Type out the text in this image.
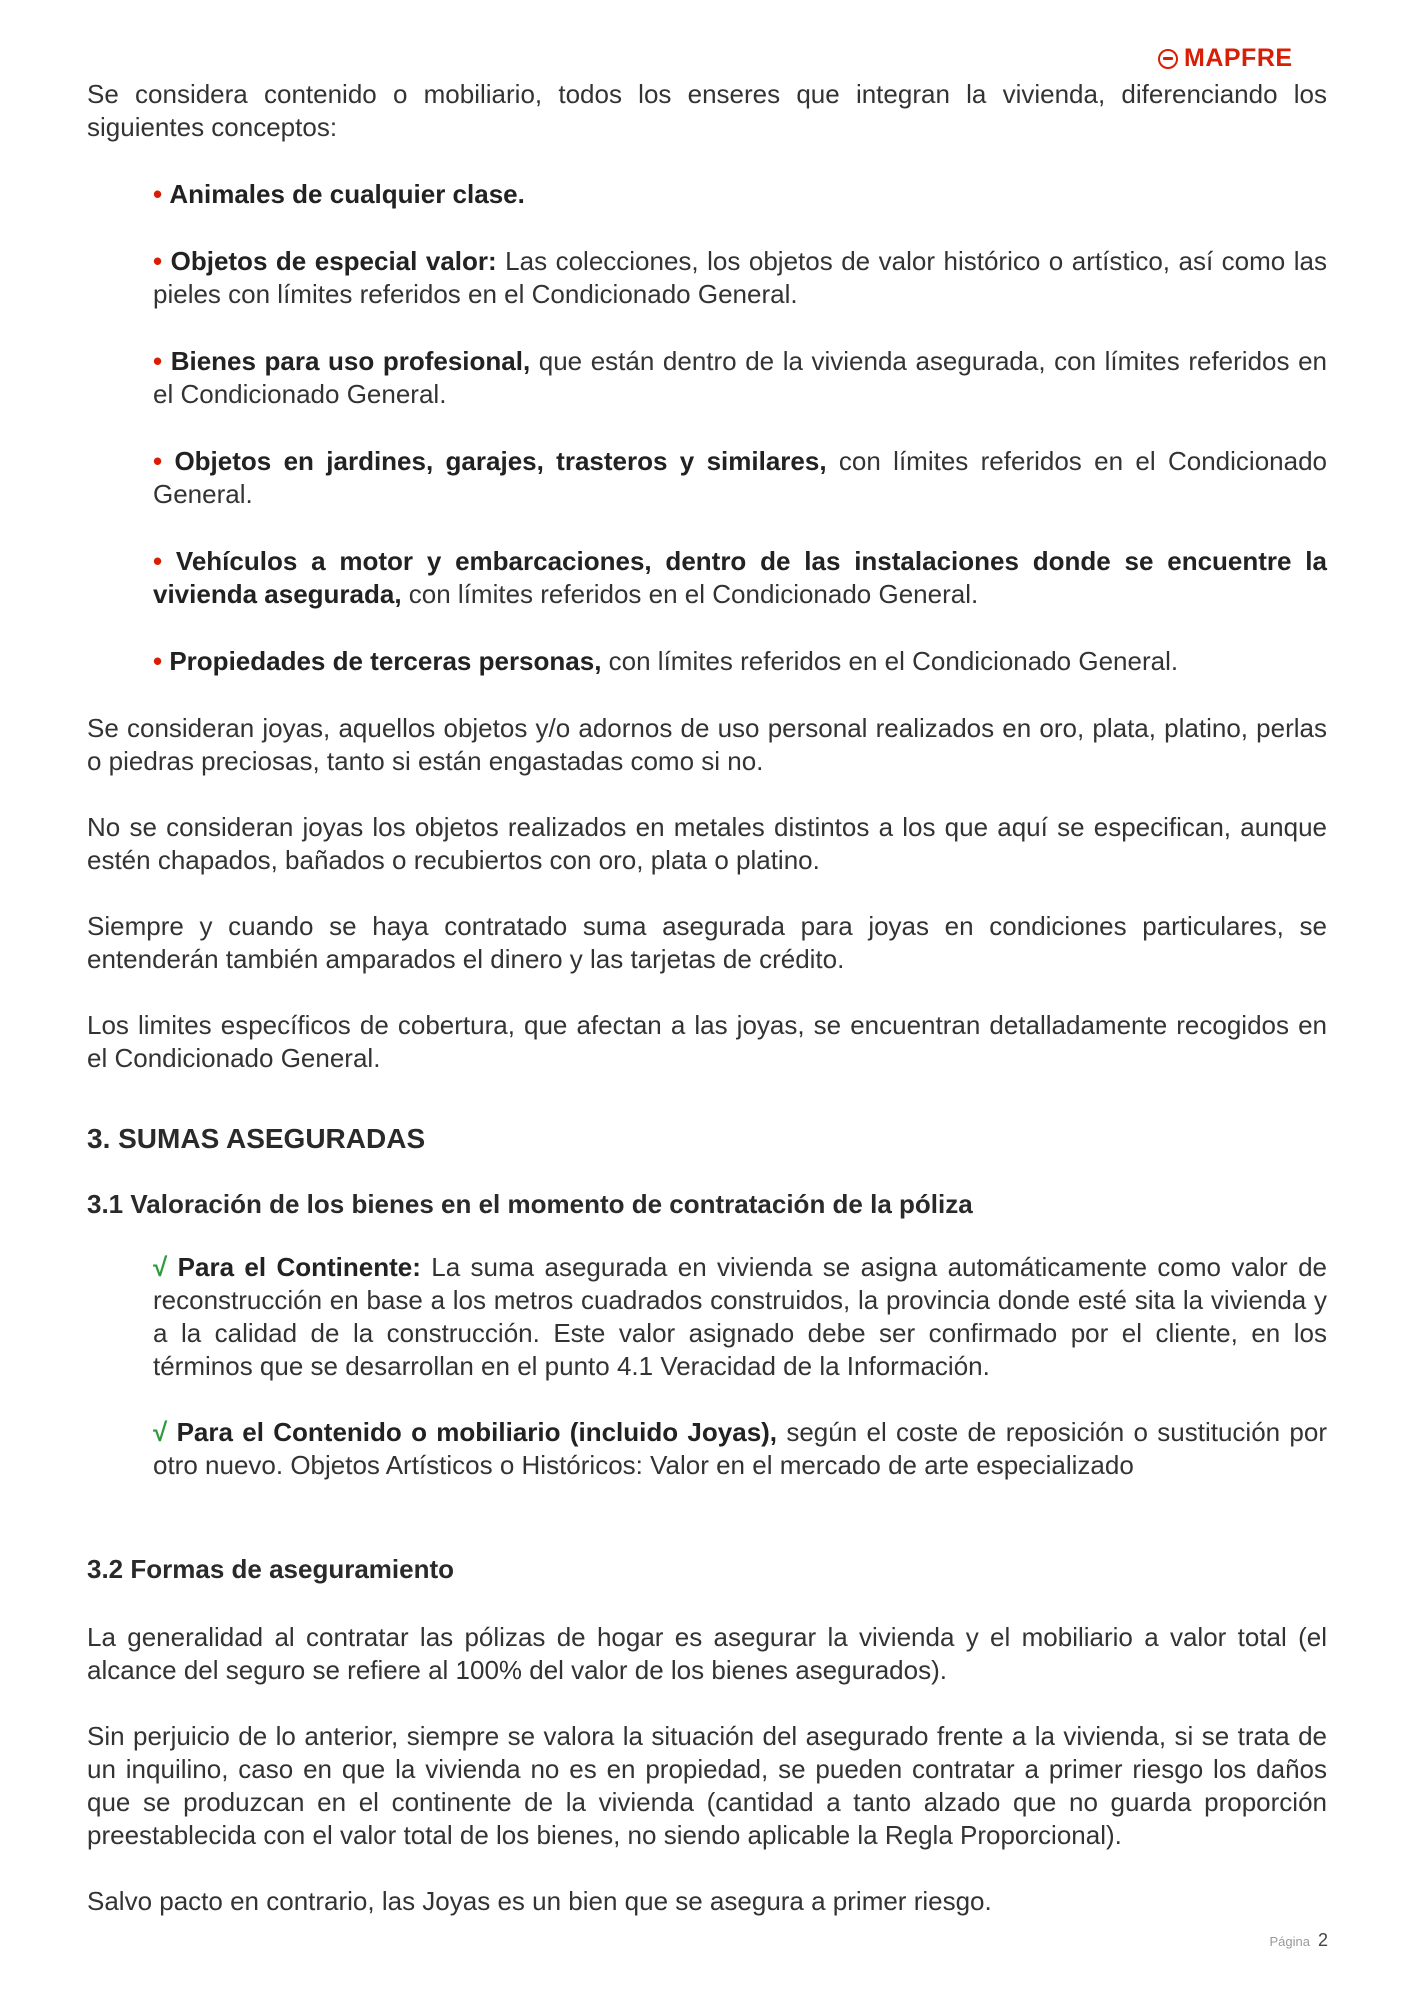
MAPFRE

Se considera contenido o mobiliario, todos los enseres que integran la vivienda, diferenciando los siguientes conceptos:

• Animales de cualquier clase.

• Objetos de especial valor: Las colecciones, los objetos de valor histórico o artístico, así como las pieles con límites referidos en el Condicionado General.

• Bienes para uso profesional, que están dentro de la vivienda asegurada, con límites referidos en el Condicionado General.

• Objetos en jardines, garajes, trasteros y similares, con límites referidos en el Condicionado General.

• Vehículos a motor y embarcaciones, dentro de las instalaciones donde se encuentre la vivienda asegurada, con límites referidos en el Condicionado General.

• Propiedades de terceras personas, con límites referidos en el Condicionado General.

Se consideran joyas, aquellos objetos y/o adornos de uso personal realizados en oro, plata, platino, perlas o piedras preciosas, tanto si están engastadas como si no.

No se consideran joyas los objetos realizados en metales distintos a los que aquí se especifican, aunque estén chapados, bañados o recubiertos con oro, plata o platino.

Siempre y cuando se haya contratado suma asegurada para joyas en condiciones particulares, se entenderán también amparados el dinero y las tarjetas de crédito.

Los limites específicos de cobertura, que afectan a las joyas, se encuentran detalladamente recogidos en el Condicionado General.

3. SUMAS ASEGURADAS
3.1 Valoración de los bienes en el momento de contratación de la póliza

√ Para el Continente: La suma asegurada en vivienda se asigna automáticamente como valor de reconstrucción en base a los metros cuadrados construidos, la provincia donde esté sita la vivienda y a la calidad de la construcción. Este valor asignado debe ser confirmado por el cliente, en los términos que se desarrollan en el punto 4.1 Veracidad de la Información.

√ Para el Contenido o mobiliario (incluido Joyas), según el coste de reposición o sustitución por otro nuevo. Objetos Artísticos o Históricos: Valor en el mercado de arte especializado

3.2 Formas de aseguramiento

La generalidad al contratar las pólizas de hogar es asegurar la vivienda y el mobiliario a valor total (el alcance del seguro se refiere al 100% del valor de los bienes asegurados).

Sin perjuicio de lo anterior, siempre se valora la situación del asegurado frente a la vivienda, si se trata de un inquilino, caso en que la vivienda no es en propiedad, se pueden contratar a primer riesgo los daños que se produzcan en el continente de la vivienda (cantidad a tanto alzado que no guarda proporción preestablecida con el valor total de los bienes, no siendo aplicable la Regla Proporcional).

Salvo pacto en contrario, las Joyas es un bien que se asegura a primer riesgo.

Página 2
